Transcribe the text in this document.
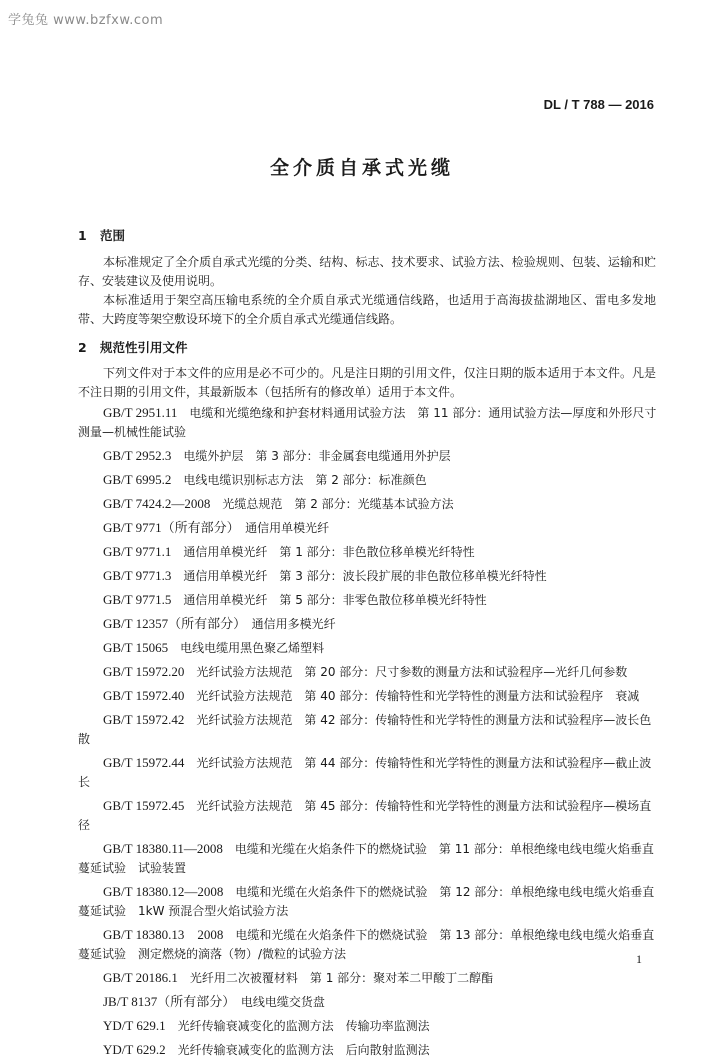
学兔兔 www.bzfxw.com
DL / T 788 — 2016
全介质自承式光缆
1 范围

本标准规定了全介质自承式光缆的分类、结构、标志、技术要求、试验方法、检验规则、包装、运输和贮存、安装建议及使用说明。

本标准适用于架空高压输电系统的全介质自承式光缆通信线路，也适用于高海拔盐湖地区、雷电多发地带、大跨度等架空敷设环境下的全介质自承式光缆通信线路。

2 规范性引用文件

下列文件对于本文件的应用是必不可少的。凡是注日期的引用文件，仅注日期的版本适用于本文件。凡是不注日期的引用文件，其最新版本（包括所有的修改单）适用于本文件。

GB/T 2951.11　 电缆和光缆绝缘和护套材料通用试验方法　第 11 部分：通用试验方法—厚度和外形尺寸测量—机械性能试验

GB/T 2952.3　 电缆外护层　第 3 部分：非金属套电缆通用外护层

GB/T 6995.2　 电线电缆识别标志方法　第 2 部分：标准颜色

GB/T 7424.2—2008　 光缆总规范　第 2 部分：光缆基本试验方法

GB/T 9771（所有部分）　 通信用单模光纤

GB/T 9771.1　 通信用单模光纤　第 1 部分：非色散位移单模光纤特性

GB/T 9771.3　 通信用单模光纤　第 3 部分：波长段扩展的非色散位移单模光纤特性

GB/T 9771.5　 通信用单模光纤　第 5 部分：非零色散位移单模光纤特性

GB/T 12357（所有部分）　 通信用多模光纤

GB/T 15065　 电线电缆用黑色聚乙烯塑料

GB/T 15972.20　 光纤试验方法规范　第 20 部分：尺寸参数的测量方法和试验程序—光纤几何参数

GB/T 15972.40　 光纤试验方法规范　第 40 部分：传输特性和光学特性的测量方法和试验程序　衰减

GB/T 15972.42　 光纤试验方法规范　第 42 部分：传输特性和光学特性的测量方法和试验程序—波长色散

GB/T 15972.44　 光纤试验方法规范　第 44 部分：传输特性和光学特性的测量方法和试验程序—截止波长

GB/T 15972.45　 光纤试验方法规范　第 45 部分：传输特性和光学特性的测量方法和试验程序—模场直径

GB/T 18380.11—2008　 电缆和光缆在火焰条件下的燃烧试验　第 11 部分：单根绝缘电线电缆火焰垂直蔓延试验　试验装置

GB/T 18380.12—2008　 电缆和光缆在火焰条件下的燃烧试验　第 12 部分：单根绝缘电线电缆火焰垂直蔓延试验　1kW 预混合型火焰试验方法

GB/T 18380.13　2008　 电缆和光缆在火焰条件下的燃烧试验　第 13 部分：单根绝缘电线电缆火焰垂直蔓延试验　测定燃烧的滴落（物）/微粒的试验方法

GB/T 20186.1　 光纤用二次被覆材料　第 1 部分：聚对苯二甲酸丁二醇酯

JB/T 8137（所有部分）　 电线电缆交货盘

YD/T 629.1　 光纤传输衰减变化的监测方法　传输功率监测法

YD/T 629.2　 光纤传输衰减变化的监测方法　后向散射监测法

1
